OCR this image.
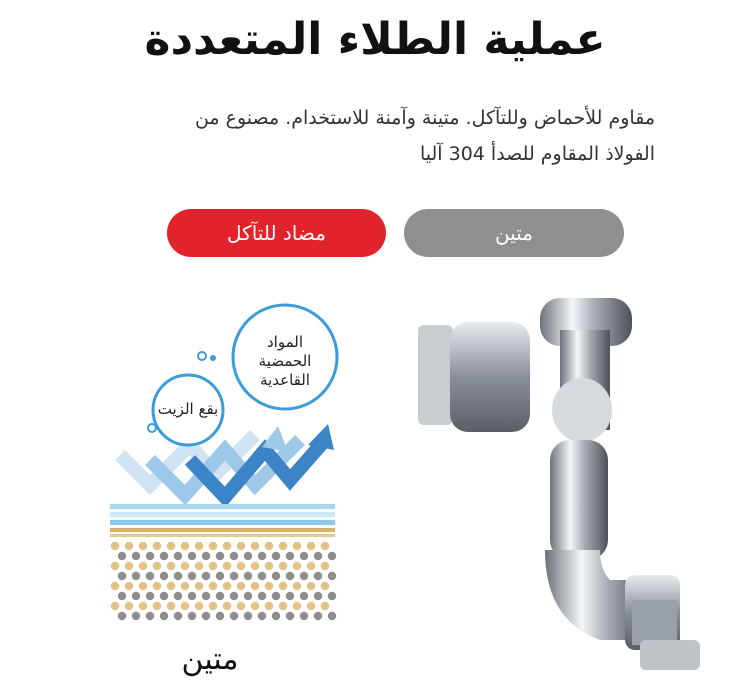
عملية الطلاء المتعددة
مقاوم للأحماض وللتآكل. متينة وآمنة للاستخدام. مصنوع من
الفولاذ المقاوم للصدأ 304 آليا
مضاد للتآكل	متين
المواد
الحمضية
القاعدية
بقع الزيت
متين
